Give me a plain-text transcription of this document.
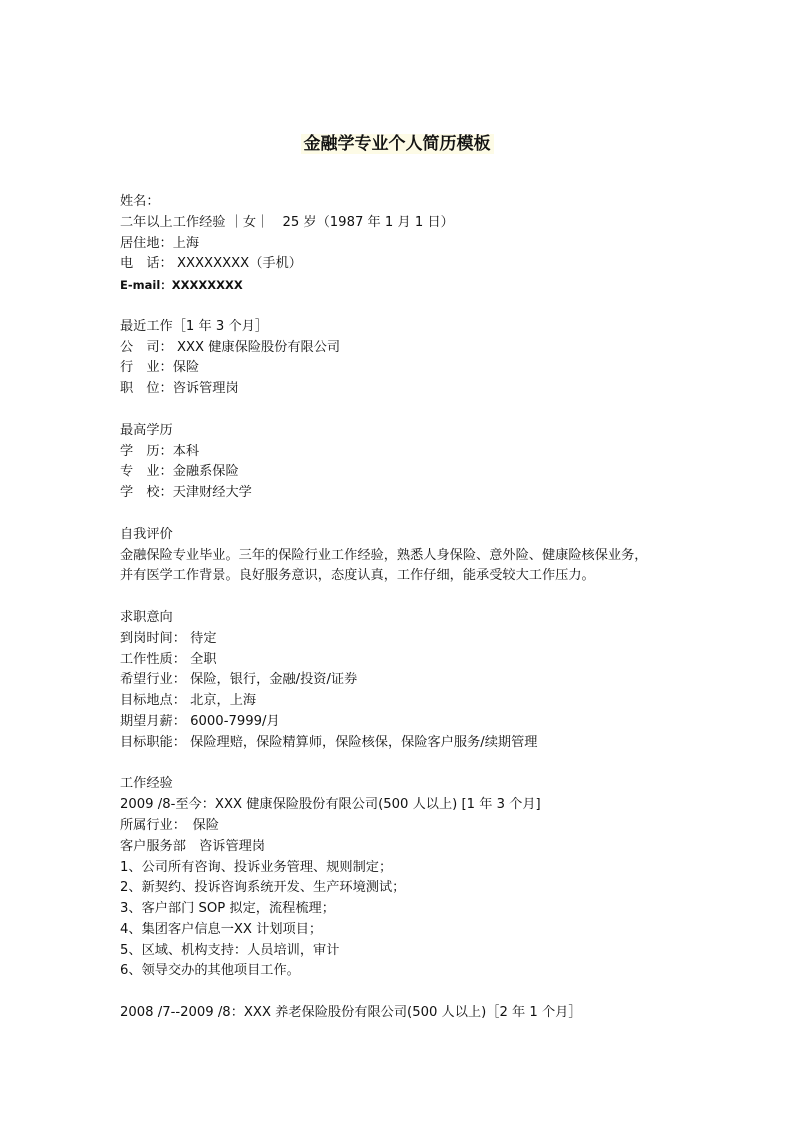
金融学专业个人简历模板
姓名：
二年以上工作经验 ｜女｜　25 岁（1987 年 1 月 1 日）
居住地：上海
电　话： XXXXXXXX（手机）
E-mail：XXXXXXXX
最近工作［1 年 3 个月］
公　司： XXX 健康保险股份有限公司
行　业：保险
职　位：咨诉管理岗
最高学历
学　历：本科
专　业：金融系保险
学　校：天津财经大学
自我评价
金融保险专业毕业。三年的保险行业工作经验，熟悉人身保险、意外险、健康险核保业务，
并有医学工作背景。良好服务意识，态度认真，工作仔细，能承受较大工作压力。
求职意向
到岗时间： 待定
工作性质： 全职
希望行业： 保险，银行，金融/投资/证券
目标地点： 北京，上海
期望月薪： 6000-7999/月
目标职能： 保险理赔，保险精算师，保险核保，保险客户服务/续期管理
工作经验
2009 /8-至今：XXX 健康保险股份有限公司(500 人以上) [1 年 3 个月]
所属行业：　保险
客户服务部　咨诉管理岗
1、公司所有咨询、投诉业务管理、规则制定；
2、新契约、投诉咨询系统开发、生产环境测试；
3、客户部门 SOP 拟定，流程梳理；
4、集团客户信息一XX 计划项目；
5、区域、机构支持：人员培训，审计
6、领导交办的其他项目工作。
2008 /7--2009 /8：XXX 养老保险股份有限公司(500 人以上)［2 年 1 个月］
